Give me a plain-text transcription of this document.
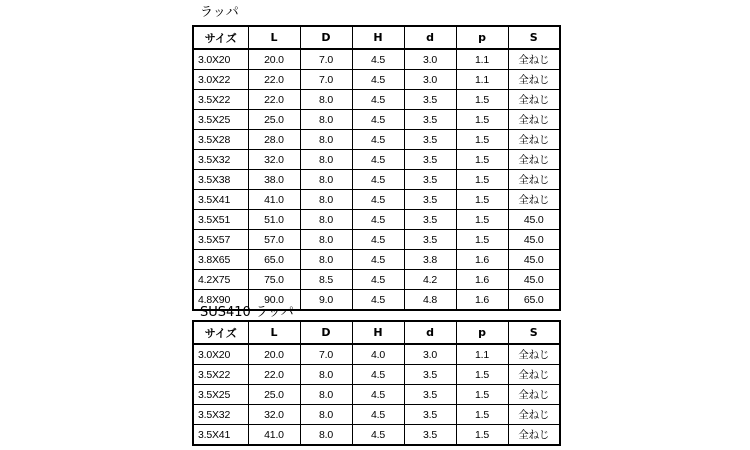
ラッパ
サイズ	L	D	H	d	p	S
3.0X20	20.0	7.0	4.5	3.0	1.1	全ねじ
3.0X22	22.0	7.0	4.5	3.0	1.1	全ねじ
3.5X22	22.0	8.0	4.5	3.5	1.5	全ねじ
3.5X25	25.0	8.0	4.5	3.5	1.5	全ねじ
3.5X28	28.0	8.0	4.5	3.5	1.5	全ねじ
3.5X32	32.0	8.0	4.5	3.5	1.5	全ねじ
3.5X38	38.0	8.0	4.5	3.5	1.5	全ねじ
3.5X41	41.0	8.0	4.5	3.5	1.5	全ねじ
3.5X51	51.0	8.0	4.5	3.5	1.5	45.0
3.5X57	57.0	8.0	4.5	3.5	1.5	45.0
3.8X65	65.0	8.0	4.5	3.8	1.6	45.0
4.2X75	75.0	8.5	4.5	4.2	1.6	45.0
4.8X90	90.0	9.0	4.5	4.8	1.6	65.0
SUS410 ラッパ
サイズ	L	D	H	d	p	S
3.0X20	20.0	7.0	4.0	3.0	1.1	全ねじ
3.5X22	22.0	8.0	4.5	3.5	1.5	全ねじ
3.5X25	25.0	8.0	4.5	3.5	1.5	全ねじ
3.5X32	32.0	8.0	4.5	3.5	1.5	全ねじ
3.5X41	41.0	8.0	4.5	3.5	1.5	全ねじ
